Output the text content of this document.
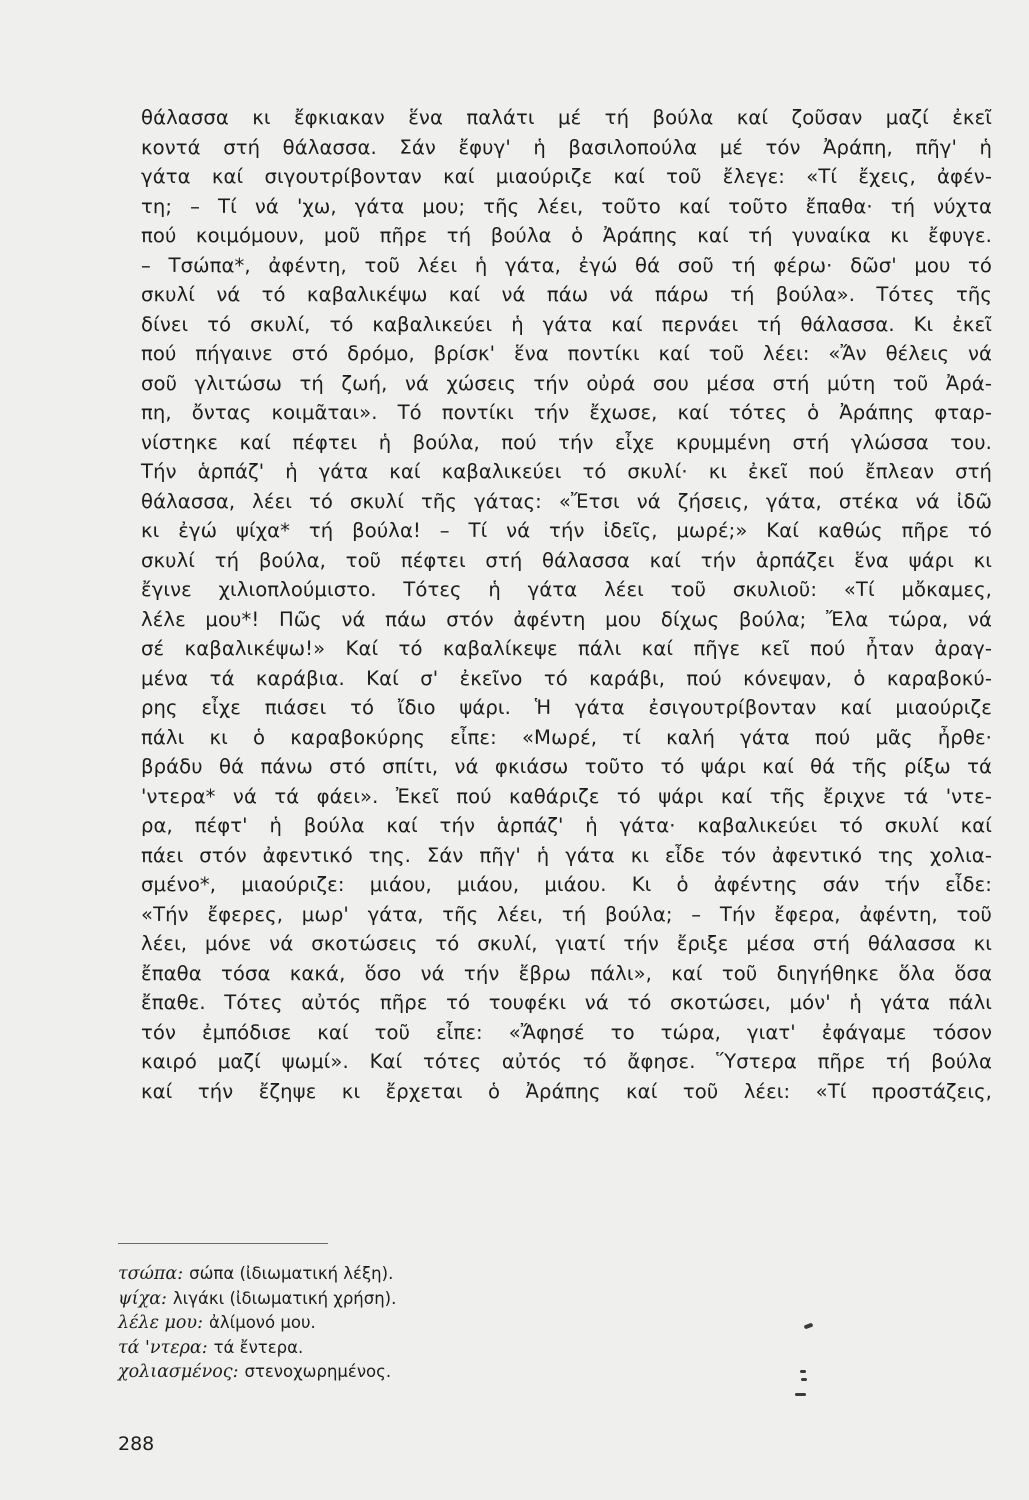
θάλασσα κι ἔφκιακαν ἕνα παλάτι μέ τή βούλα καί ζοῦσαν μαζί ἐκεῖ
κοντά στή θάλασσα. Σάν ἔφυγ' ἡ βασιλοπούλα μέ τόν Ἀράπη, πῆγ' ἡ
γάτα καί σιγουτρίβονταν καί μιαούριζε καί τοῦ ἔλεγε: «Τί ἔχεις, ἀφέν-
τη; – Τί νά 'χω, γάτα μου; τῆς λέει, τοῦτο καί τοῦτο ἔπαθα· τή νύχτα
πού κοιμόμουν, μοῦ πῆρε τή βούλα ὁ Ἀράπης καί τή γυναίκα κι ἔφυγε.
– Τσώπα*, ἀφέντη, τοῦ λέει ἡ γάτα, ἐγώ θά σοῦ τή φέρω· δῶσ' μου τό
σκυλί νά τό καβαλικέψω καί νά πάω νά πάρω τή βούλα». Τότες τῆς
δίνει τό σκυλί, τό καβαλικεύει ἡ γάτα καί περνάει τή θάλασσα. Κι ἐκεῖ
πού πήγαινε στό δρόμο, βρίσκ' ἕνα ποντίκι καί τοῦ λέει: «Ἄν θέλεις νά
σοῦ γλιτώσω τή ζωή, νά χώσεις τήν οὐρά σου μέσα στή μύτη τοῦ Ἀρά-
πη, ὄντας κοιμᾶται». Τό ποντίκι τήν ἔχωσε, καί τότες ὁ Ἀράπης φταρ-
νίστηκε καί πέφτει ἡ βούλα, πού τήν εἶχε κρυμμένη στή γλώσσα του.
Τήν ἁρπάζ' ἡ γάτα καί καβαλικεύει τό σκυλί· κι ἐκεῖ πού ἔπλεαν στή
θάλασσα, λέει τό σκυλί τῆς γάτας: «Ἔτσι νά ζήσεις, γάτα, στέκα νά ἰδῶ
κι ἐγώ ψίχα* τή βούλα! – Τί νά τήν ἰδεῖς, μωρέ;» Καί καθώς πῆρε τό
σκυλί τή βούλα, τοῦ πέφτει στή θάλασσα καί τήν ἁρπάζει ἕνα ψάρι κι
ἔγινε χιλιοπλούμιστο. Τότες ἡ γάτα λέει τοῦ σκυλιοῦ: «Τί μὄκαμες,
λέλε μου*! Πῶς νά πάω στόν ἀφέντη μου δίχως βούλα; Ἔλα τώρα, νά
σέ καβαλικέψω!» Καί τό καβαλίκεψε πάλι καί πῆγε κεῖ πού ἦταν ἀραγ-
μένα τά καράβια. Καί σ' ἐκεῖνο τό καράβι, πού κόνεψαν, ὁ καραβοκύ-
ρης εἶχε πιάσει τό ἴδιο ψάρι. Ἡ γάτα ἐσιγουτρίβονταν καί μιαούριζε
πάλι κι ὁ καραβοκύρης εἶπε: «Μωρέ, τί καλή γάτα πού μᾶς ἦρθε·
βράδυ θά πάνω στό σπίτι, νά φκιάσω τοῦτο τό ψάρι καί θά τῆς ρίξω τά
'ντερα* νά τά φάει». Ἐκεῖ πού καθάριζε τό ψάρι καί τῆς ἔριχνε τά 'ντε-
ρα, πέφτ' ἡ βούλα καί τήν ἁρπάζ' ἡ γάτα· καβαλικεύει τό σκυλί καί
πάει στόν ἀφεντικό της. Σάν πῆγ' ἡ γάτα κι εἶδε τόν ἀφεντικό της χολια-
σμένο*, μιαούριζε: μιάου, μιάου, μιάου. Κι ὁ ἀφέντης σάν τήν εἶδε:
«Τήν ἔφερες, μωρ' γάτα, τῆς λέει, τή βούλα; – Τήν ἔφερα, ἀφέντη, τοῦ
λέει, μόνε νά σκοτώσεις τό σκυλί, γιατί τήν ἔριξε μέσα στή θάλασσα κι
ἔπαθα τόσα κακά, ὅσο νά τήν ἔβρω πάλι», καί τοῦ διηγήθηκε ὅλα ὅσα
ἔπαθε. Τότες αὐτός πῆρε τό τουφέκι νά τό σκοτώσει, μόν' ἡ γάτα πάλι
τόν ἐμπόδισε καί τοῦ εἶπε: «Ἄφησέ το τώρα, γιατ' ἐφάγαμε τόσον
καιρό μαζί ψωμί». Καί τότες αὐτός τό ἄφησε. Ὕστερα πῆρε τή βούλα
καί τήν ἔζηψε κι ἔρχεται ὁ Ἀράπης καί τοῦ λέει: «Τί προστάζεις,
τσώπα: σώπα (ἰδιωματική λέξη).
ψίχα: λιγάκι (ἰδιωματική χρήση).
λέλε μου: ἀλίμονό μου.
τά 'ντερα: τά ἔντερα.
χολιασμένος: στενοχωρημένος.
288
